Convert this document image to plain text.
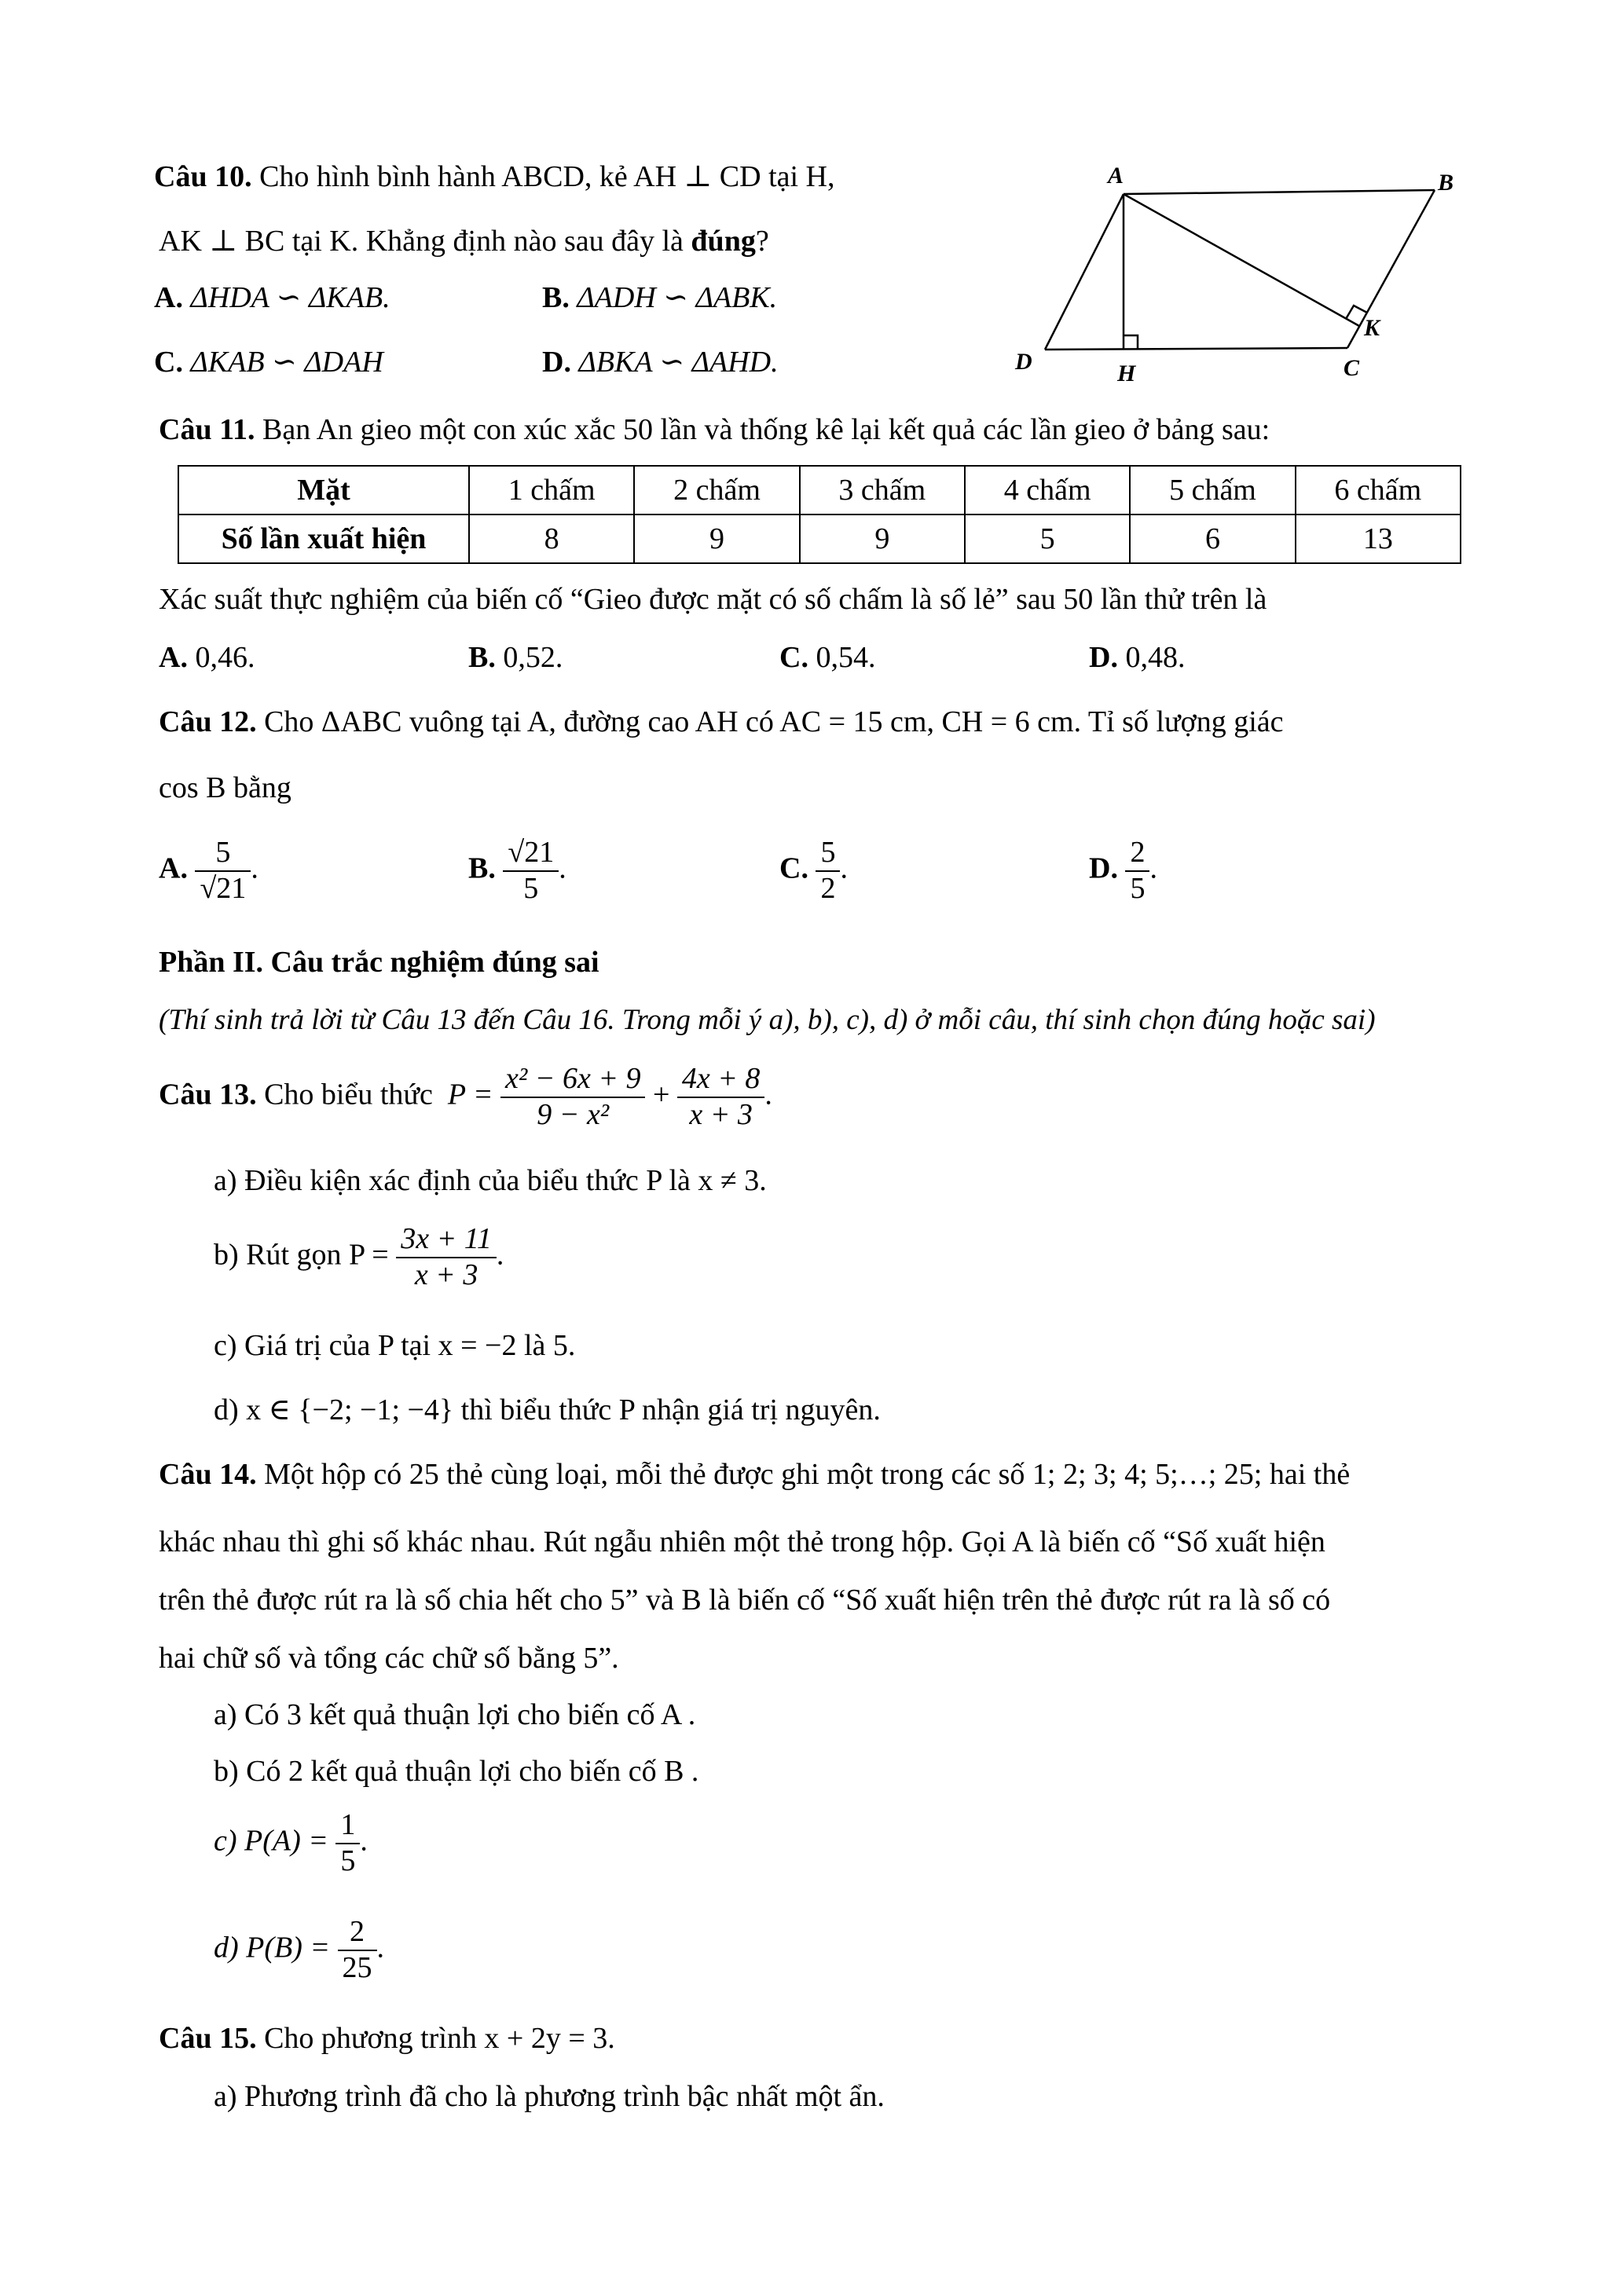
Câu 10. Cho hình bình hành ABCD, kẻ AH ⊥ CD tại H,
AK ⊥ BC tại K. Khẳng định nào sau đây là đúng?
A. ΔHDA ∽ ΔKAB.	B. ΔADH ∽ ΔABK.
C. ΔKAB ∽ ΔDAH	D. ΔBKA ∽ ΔAHD.
A	B
C
D	H
K
Câu 11. Bạn An gieo một con xúc xắc 50 lần và thống kê lại kết quả các lần gieo ở bảng sau:
Mặt	1 chấm	2 chấm	3 chấm	4 chấm	5 chấm	6 chấm
Số lần xuất hiện	8	9	9	5	6	13
Xác suất thực nghiệm của biến cố “Gieo được mặt có số chấm là số lẻ” sau 50 lần thử trên là
A. 0,46.	B. 0,52.	C. 0,54.	D. 0,48.
Câu 12. Cho ΔABC vuông tại A, đường cao AH có AC = 15 cm, CH = 6 cm. Tỉ số lượng giác
cos B bằng
A. $\frac{5}{√21}$ .	B. $\frac{√21}{5}$ .	C. $\frac{5}{2}$ .	D. $\frac{2}{5}$ .
Phần II. Câu trắc nghiệm đúng sai
(Thí sinh trả lời từ Câu 13 đến Câu 16. Trong mỗi ý a), b), c), d) ở mỗi câu, thí sinh chọn đúng hoặc sai)
Câu 13. Cho biểu thức $P = \frac{\text{x² − 6x + 9}}{\text{9 − x²}} + \frac{4x + 8}{x + 3}$ .
a) Điều kiện xác định của biểu thức P là x ≠ 3.
b) Rút gọn $P = \frac{3x + 11}{x + 3}$ .
c) Giá trị của P tại x = −2 là 5.
d) x ∈ {−2; −1; −4} thì biểu thức P nhận giá trị nguyên.
Câu 14. Một hộp có 25 thẻ cùng loại, mỗi thẻ được ghi một trong các số 1; 2; 3; 4; 5;…; 25; hai thẻ
khác nhau thì ghi số khác nhau. Rút ngẫu nhiên một thẻ trong hộp. Gọi A là biến cố “Số xuất hiện
trên thẻ được rút ra là số chia hết cho 5” và B là biến cố “Số xuất hiện trên thẻ được rút ra là số có
hai chữ số và tổng các chữ số bằng 5”.
a) Có 3 kết quả thuận lợi cho biến cố A .
b) Có 2 kết quả thuận lợi cho biến cố B .
c) $P(A) = \frac{1}{5}$ .
d) $P(B) = \frac{2}{25}$ .
Câu 15. Cho phương trình x + 2y = 3.
a) Phương trình đã cho là phương trình bậc nhất một ẩn.
